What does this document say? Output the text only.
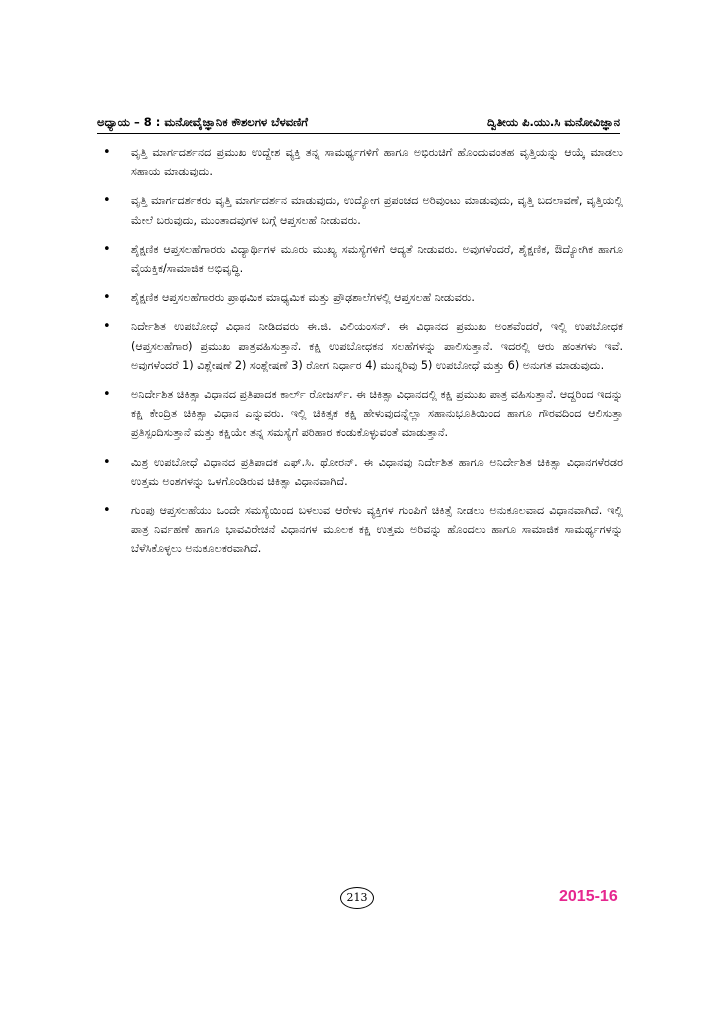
ಅಧ್ಯಾಯ – 8 : ಮನೋವೈಜ್ಞಾನಿಕ ಕೌಶಲಗಳ ಬೆಳವಣಿಗೆ	ದ್ವಿತೀಯ ಪಿ.ಯು.ಸಿ ಮನೋವಿಜ್ಞಾನ
• ವೃತ್ತಿ ಮಾರ್ಗದರ್ಶನದ ಪ್ರಮುಖ ಉದ್ದೇಶ ವ್ಯಕ್ತಿ ತನ್ನ ಸಾಮರ್ಥ್ಯಗಳಿಗೆ ಹಾಗೂ ಅಭಿರುಚಿಗೆ ಹೊಂದುವಂತಹ ವೃತ್ತಿಯನ್ನು ಆಯ್ಕೆ ಮಾಡಲು ಸಹಾಯ ಮಾಡುವುದು.
• ವೃತ್ತಿ ಮಾರ್ಗದರ್ಶಕರು ವೃತ್ತಿ ಮಾರ್ಗದರ್ಶನ ಮಾಡುವುದು, ಉದ್ಯೋಗ ಪ್ರಪಂಚದ ಅರಿವುಂಟು ಮಾಡುವುದು, ವೃತ್ತಿ ಬದಲಾವಣೆ, ವೃತ್ತಿಯಲ್ಲಿ ಮೇಲೆ ಬರುವುದು, ಮುಂತಾದವುಗಳ ಬಗ್ಗೆ ಆಪ್ತಸಲಹೆ ನೀಡುವರು.
• ಶೈಕ್ಷಣಿಕ ಆಪ್ತಸಲಹೆಗಾರರು ವಿದ್ಯಾರ್ಥಿಗಳ ಮೂರು ಮುಖ್ಯ ಸಮಸ್ಯೆಗಳಿಗೆ ಆದ್ಯತೆ ನೀಡುವರು. ಅವುಗಳೆಂದರೆ, ಶೈಕ್ಷಣಿಕ, ಔದ್ಯೋಗಿಕ ಹಾಗೂ ವೈಯಕ್ತಿಕ/ಸಾಮಾಜಿಕ ಅಭಿವೃದ್ಧಿ.
• ಶೈಕ್ಷಣಿಕ ಆಪ್ತಸಲಹೆಗಾರರು ಪ್ರಾಥಮಿಕ ಮಾಧ್ಯಮಿಕ ಮತ್ತು ಪ್ರೌಢಶಾಲೆಗಳಲ್ಲಿ ಆಪ್ತಸಲಹೆ ನೀಡುವರು.
• ನಿರ್ದೇಶಿತ ಉಪಬೋಧೆ ವಿಧಾನ ನೀಡಿದವರು ಈ.ಜಿ. ವಿಲಿಯಂಸನ್. ಈ ವಿಧಾನದ ಪ್ರಮುಖ ಅಂಶವೆಂದರೆ, ಇಲ್ಲಿ ಉಪಬೋಧಕ (ಆಪ್ತಸಲಹೆಗಾರ) ಪ್ರಮುಖ ಪಾತ್ರವಹಿಸುತ್ತಾನೆ. ಕಕ್ಷಿ ಉಪಬೋಧಕನ ಸಲಹೆಗಳನ್ನು ಪಾಲಿಸುತ್ತಾನೆ. ಇದರಲ್ಲಿ ಆರು ಹಂತಗಳು ಇವೆ. ಅವುಗಳೆಂದರೆ 1) ವಿಶ್ಲೇಷಣೆ 2) ಸಂಶ್ಲೇಷಣೆ 3) ರೋಗ ನಿರ್ಧಾರ 4) ಮುನ್ನರಿವು 5) ಉಪಬೋಧೆ ಮತ್ತು 6) ಅನುಗತ ಮಾಡುವುದು.
• ಅನಿರ್ದೇಶಿತ ಚಿಕಿತ್ಸಾ ವಿಧಾನದ ಪ್ರತಿಪಾದಕ ಕಾರ್ಲ್ ರೋಜರ್ಸ್. ಈ ಚಿಕಿತ್ಸಾ ವಿಧಾನದಲ್ಲಿ ಕಕ್ಷಿ ಪ್ರಮುಖ ಪಾತ್ರ ವಹಿಸುತ್ತಾನೆ. ಆದ್ದರಿಂದ ಇದನ್ನು ಕಕ್ಷಿ ಕೇಂದ್ರಿತ ಚಿಕಿತ್ಸಾ ವಿಧಾನ ಎನ್ನುವರು. ಇಲ್ಲಿ ಚಿಕಿತ್ಸಕ ಕಕ್ಷಿ ಹೇಳುವುದನ್ನೆಲ್ಲಾ ಸಹಾನುಭೂತಿಯಿಂದ ಹಾಗೂ ಗೌರವದಿಂದ ಆಲಿಸುತ್ತಾ ಪ್ರತಿಸ್ಪಂದಿಸುತ್ತಾನೆ ಮತ್ತು ಕಕ್ಷಿಯೇ ತನ್ನ ಸಮಸ್ಯೆಗೆ ಪರಿಹಾರ ಕಂಡುಕೊಳ್ಳುವಂತೆ ಮಾಡುತ್ತಾನೆ.
• ಮಿಶ್ರ ಉಪಬೋಧೆ ವಿಧಾನದ ಪ್ರತಿಪಾದಕ ಎಫ್.ಸಿ. ಥೋರನ್. ಈ ವಿಧಾನವು ನಿರ್ದೇಶಿತ ಹಾಗೂ ಅನಿರ್ದೇಶಿತ ಚಿಕಿತ್ಸಾ ವಿಧಾನಗಳೆರಡರ ಉತ್ತಮ ಅಂಶಗಳನ್ನು ಒಳಗೊಂಡಿರುವ ಚಿಕಿತ್ಸಾ ವಿಧಾನವಾಗಿದೆ.
• ಗುಂಪು ಆಪ್ತಸಲಹೆಯು ಒಂದೇ ಸಮಸ್ಯೆಯಿಂದ ಬಳಲುವ ಆರೇಳು ವ್ಯಕ್ತಿಗಳ ಗುಂಪಿಗೆ ಚಿಕಿತ್ಸೆ ನೀಡಲು ಅನುಕೂಲವಾದ ವಿಧಾನವಾಗಿದೆ. ಇಲ್ಲಿ ಪಾತ್ರ ನಿರ್ವಹಣೆ ಹಾಗೂ ಭಾವವಿರೇಚನೆ ವಿಧಾನಗಳ ಮೂಲಕ ಕಕ್ಷಿ ಉತ್ತಮ ಅರಿವನ್ನು ಹೊಂದಲು ಹಾಗೂ ಸಾಮಾಜಿಕ ಸಾಮರ್ಥ್ಯಗಳನ್ನು ಬೆಳೆಸಿಕೊಳ್ಳಲು ಅನುಕೂಲಕರವಾಗಿದೆ.
213	2015-16
